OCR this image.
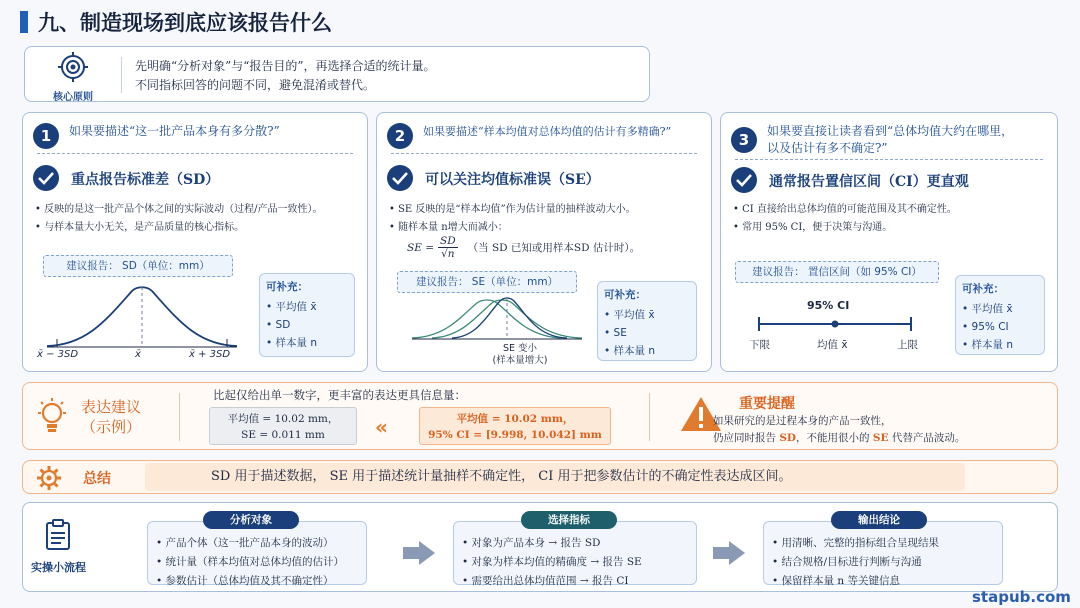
九、制造现场到底应该报告什么
核心原则
先明确“分析对象”与“报告目的”，再选择合适的统计量。
不同指标回答的问题不同，避免混淆或替代。
1	如果要描述“这一批产品本身有多分散?”
重点报告标准差（SD）
• 反映的是这一批产品个体之间的实际波动（过程/产品一致性）。
• 与样本量大小无关，是产品质量的核心指标。
建议报告： SD（单位：mm）
x̄ − 3SD	x̄	x̄ + 3SD
可补充：
• 平均值 x̄
• SD
• 样本量 n
2	如果要描述“样本均值对总体均值的估计有多精确?”
可以关注均值标准误（SE）
• SE 反映的是“样本均值”作为估计量的抽样波动大小。
• 随样本量 n增大而减小：
SE = $\frac{SD}{√n}$ （当 SD 已知或用样本SD 估计时）。
建议报告： SE（单位：mm）
SE 变小
(样本量增大)
可补充：
• 平均值 x̄
• SE
• 样本量 n
3	如果要直接让读者看到“总体均值大约在哪里，
以及估计有多不确定?”
通常报告置信区间（CI）更直观
• CI 直接给出总体均值的可能范围及其不确定性。
• 常用 95% CI，便于决策与沟通。
建议报告： 置信区间（如 95% CI）
95% CI
下限	均值 x̄	上限
可补充：
• 平均值 x̄
• 95% CI
• 样本量 n
表达建议
（示例）
比起仅给出单一数字，更丰富的表达更具信息量：
平均值 = 10.02 mm，
SE = 0.011 mm	«	平均值 = 10.02 mm，
95% CI = [9.998, 10.042] mm
重要提醒
如果研究的是过程本身的产品一致性，
仍应同时报告 SD，不能用很小的 SE 代替产品波动。
总结	SD 用于描述数据， SE 用于描述统计量抽样不确定性， CI 用于把参数估计的不确定性表达成区间。
实操小流程
• 产品个体（这一批产品本身的波动）
• 统计量（样本均值对总体均值的估计）
• 参数估计（总体均值及其不确定性）
分析对象
• 对象为产品本身 → 报告 SD
• 对象为样本均值的精确度 → 报告 SE
• 需要给出总体均值范围 → 报告 CI
选择指标
• 用清晰、完整的指标组合呈现结果
• 结合规格/目标进行判断与沟通
• 保留样本量 n 等关键信息
输出结论
stapub.com
